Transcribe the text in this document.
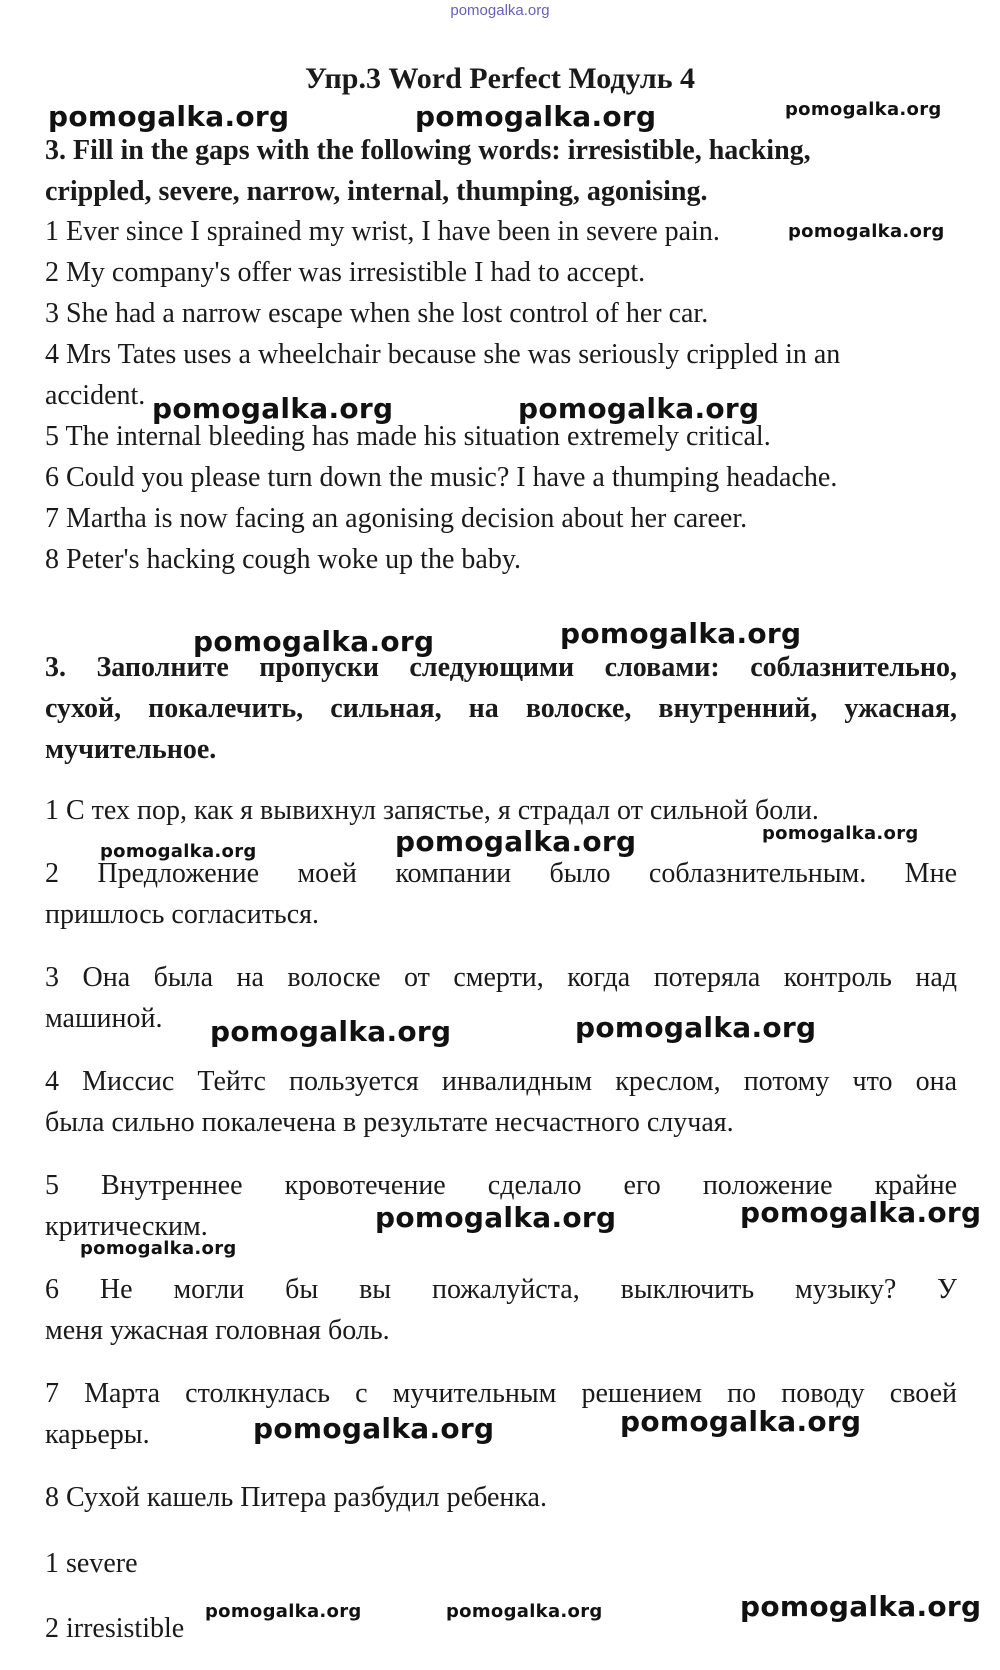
pomogalka.org
Упр.3 Word Perfect Модуль 4
3. Fill in the gaps with the following words: irresistible, hacking,
crippled, severe, narrow, internal, thumping, agonising.
1 Ever since I sprained my wrist, I have been in severe pain.
2 My company's offer was irresistible I had to accept.
3 She had a narrow escape when she lost control of her car.
4 Mrs Tates uses a wheelchair because she was seriously crippled in an
accident.
5 The internal bleeding has made his situation extremely critical.
6 Could you please turn down the music? I have a thumping headache.
7 Martha is now facing an agonising decision about her career.
8 Peter's hacking cough woke up the baby.
3. Заполните пропуски следующими словами: соблазнительно,
сухой, покалечить, сильная, на волоске, внутренний, ужасная,
мучительное.
1 С тех пор, как я вывихнул запястье, я страдал от сильной боли.
2 Предложение моей компании было соблазнительным. Мне
пришлось согласиться.
3 Она была на волоске от смерти, когда потеряла контроль над
машиной.
4 Миссис Тейтс пользуется инвалидным креслом, потому что она
была сильно покалечена в результате несчастного случая.
5 Внутреннее кровотечение сделало его положение крайне
критическим.
6 Не могли бы вы пожалуйста, выключить музыку? У
меня ужасная головная боль.
7 Марта столкнулась с мучительным решением по поводу своей
карьеры.
8 Сухой кашель Питера разбудил ребенка.
1 severe
2 irresistible
pomogalka.org	pomogalka.org	pomogalka.org
pomogalka.org
pomogalka.org	pomogalka.org
pomogalka.org	pomogalka.org
pomogalka.org	pomogalka.org
pomogalka.org
pomogalka.org	pomogalka.org
pomogalka.org	pomogalka.org
pomogalka.org
pomogalka.org	pomogalka.org
pomogalka.org	pomogalka.org	pomogalka.org
